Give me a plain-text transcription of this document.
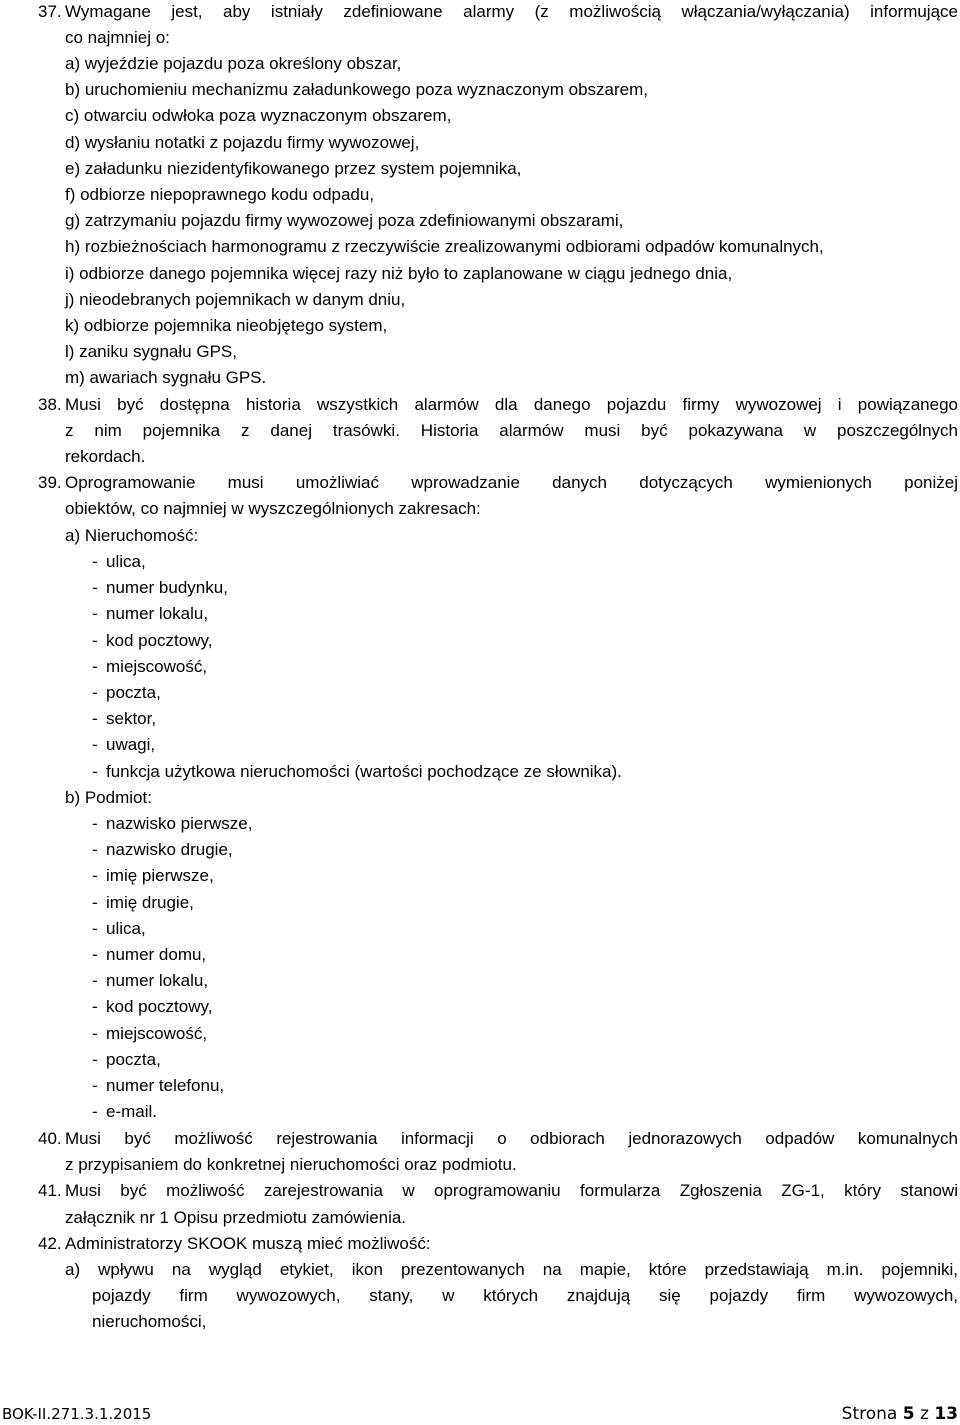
37. Wymagane jest, aby istniały zdefiniowane alarmy (z możliwością włączania/wyłączania) informujące
co najmniej o:
a) wyjeździe pojazdu poza określony obszar,
b) uruchomieniu mechanizmu załadunkowego poza wyznaczonym obszarem,
c) otwarciu odwłoka poza wyznaczonym obszarem,
d) wysłaniu notatki z pojazdu firmy wywozowej,
e) załadunku niezidentyfikowanego przez system pojemnika,
f) odbiorze niepoprawnego kodu odpadu,
g) zatrzymaniu pojazdu firmy wywozowej poza zdefiniowanymi obszarami,
h) rozbieżnościach harmonogramu z rzeczywiście zrealizowanymi odbiorami odpadów komunalnych,
i) odbiorze danego pojemnika więcej razy niż było to zaplanowane w ciągu jednego dnia,
j) nieodebranych pojemnikach w danym dniu,
k) odbiorze pojemnika nieobjętego system,
l) zaniku sygnału GPS,
m) awariach sygnału GPS.
38. Musi być dostępna historia wszystkich alarmów dla danego pojazdu firmy wywozowej i powiązanego
z nim pojemnika z danej trasówki. Historia alarmów musi być pokazywana w poszczególnych
rekordach.
39. Oprogramowanie musi umożliwiać wprowadzanie danych dotyczących wymienionych poniżej
obiektów, co najmniej w wyszczególnionych zakresach:
a) Nieruchomość:
- ulica,
- numer budynku,
- numer lokalu,
- kod pocztowy,
- miejscowość,
- poczta,
- sektor,
- uwagi,
- funkcja użytkowa nieruchomości (wartości pochodzące ze słownika).
b) Podmiot:
- nazwisko pierwsze,
- nazwisko drugie,
- imię pierwsze,
- imię drugie,
- ulica,
- numer domu,
- numer lokalu,
- kod pocztowy,
- miejscowość,
- poczta,
- numer telefonu,
- e-mail.
40. Musi być możliwość rejestrowania informacji o odbiorach jednorazowych odpadów komunalnych
z przypisaniem do konkretnej nieruchomości oraz podmiotu.
41. Musi być możliwość zarejestrowania w oprogramowaniu formularza Zgłoszenia ZG-1, który stanowi
załącznik nr 1 Opisu przedmiotu zamówienia.
42. Administratorzy SKOOK muszą mieć możliwość:
a) wpływu na wygląd etykiet, ikon prezentowanych na mapie, które przedstawiają m.in. pojemniki,
pojazdy firm wywozowych, stany, w których znajdują się pojazdy firm wywozowych,
nieruchomości,
BOK-II.271.3.1.2015	Strona 5 z 13
